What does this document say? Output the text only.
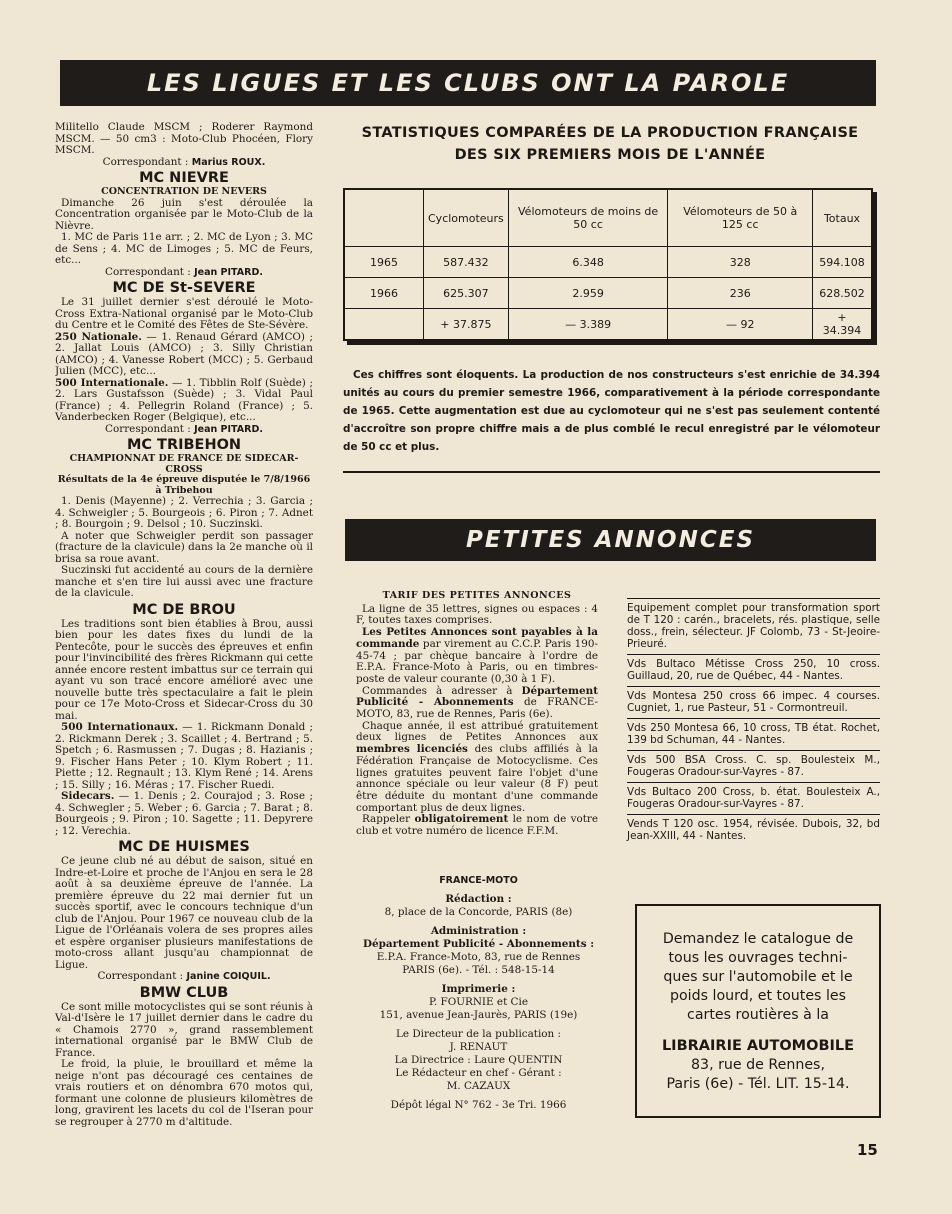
LES LIGUES ET LES CLUBS ONT LA PAROLE

Militello Claude MSCM ; Roderer Raymond MSCM. — 50 cm3 : Moto-Club Phocéen, Flory MSCM.

Correspondant : Marius ROUX.

MC NIEVRE
CONCENTRATION DE NEVERS

Dimanche 26 juin s'est déroulée la Concentration organisée par le Moto-Club de la Nièvre.

1. MC de Paris 11e arr. ; 2. MC de Lyon ; 3. MC de Sens ; 4. MC de Limoges ; 5. MC de Feurs, etc...

Correspondant : Jean PITARD.

MC DE St-SEVERE

Le 31 juillet dernier s'est déroulé le Moto-Cross Extra-National organisé par le Moto-Club du Centre et le Comité des Fêtes de Ste-Sévère.

250 Nationale. — 1. Renaud Gérard (AMCO) ; 2. Jallat Louis (AMCO) ; 3. Silly Christian (AMCO) ; 4. Vanesse Robert (MCC) ; 5. Gerbaud Julien (MCC), etc...

500 Internationale. — 1. Tibblin Rolf (Suède) ; 2. Lars Gustafsson (Suède) ; 3. Vidal Paul (France) ; 4. Pellegrin Roland (France) ; 5. Vanderbecken Roger (Belgique), etc...

Correspondant : Jean PITARD.

MC TRIBEHON
CHAMPIONNAT DE FRANCE DE SIDECAR-CROSS

Résultats de la 4e épreuve disputée le 7/8/1966 à Tribehou

1. Denis (Mayenne) ; 2. Verrechia ; 3. Garcia ; 4. Schweigler ; 5. Bourgeois ; 6. Piron ; 7. Adnet ; 8. Bourgoin ; 9. Delsol ; 10. Suczinski.

A noter que Schweigler perdit son passager (fracture de la clavicule) dans la 2e manche où il brisa sa roue avant.

Suczinski fut accidenté au cours de la dernière manche et s'en tire lui aussi avec une fracture de la clavicule.

MC DE BROU

Les traditions sont bien établies à Brou, aussi bien pour les dates fixes du lundi de la Pentecôte, pour le succès des épreuves et enfin pour l'invincibilité des frères Rickmann qui cette année encore restent imbattus sur ce terrain qui ayant vu son tracé encore amélioré avec une nouvelle butte très spectaculaire a fait le plein pour ce 17e Moto-Cross et Sidecar-Cross du 30 mai.

500 Internationaux. — 1. Rickmann Donald ; 2. Rickmann Derek ; 3. Scaillet ; 4. Bertrand ; 5. Spetch ; 6. Rasmussen ; 7. Dugas ; 8. Hazianis ; 9. Fischer Hans Peter ; 10. Klym Robert ; 11. Piette ; 12. Regnault ; 13. Klym René ; 14. Arens ; 15. Silly ; 16. Méras ; 17. Fischer Ruedi.

Sidecars. — 1. Denis ; 2. Courajod ; 3. Rose ; 4. Schwegler ; 5. Weber ; 6. Garcia ; 7. Barat ; 8. Bourgeois ; 9. Piron ; 10. Sagette ; 11. Depyrere ; 12. Verechia.

MC DE HUISMES

Ce jeune club né au début de saison, situé en Indre-et-Loire et proche de l'Anjou en sera le 28 août à sa deuxième épreuve de l'année. La première épreuve du 22 mai dernier fut un succès sportif, avec le concours technique d'un club de l'Anjou. Pour 1967 ce nouveau club de la Ligue de l'Orléanais volera de ses propres ailes et espère organiser plusieurs manifestations de moto-cross allant jusqu'au championnat de Ligue.

Correspondant : Janine COIQUIL.

BMW CLUB

Ce sont mille motocyclistes qui se sont réunis à Val-d'Isère le 17 juillet dernier dans le cadre du « Chamois 2770 », grand rassemblement international organisé par le BMW Club de France.

Le froid, la pluie, le brouillard et même la neige n'ont pas découragé ces centaines de vrais routiers et on dénombra 670 motos qui, formant une colonne de plusieurs kilomètres de long, gravirent les lacets du col de l'Iseran pour se regrouper à 2770 m d'altitude.

STATISTIQUES COMPARÉES DE LA PRODUCTION FRANÇAISE
DES SIX PREMIERS MOIS DE L'ANNÉE
	Cyclomoteurs	Vélomoteurs de moins de 50 cc	Vélomoteurs de 50 à 125 cc	Totaux
1965	587.432	6.348	328	594.108
1966	625.307	2.959	236	628.502
	+ 37.875	— 3.389	— 92	+ 34.394

Ces chiffres sont éloquents. La production de nos constructeurs s'est enrichie de 34.394 unités au cours du premier semestre 1966, comparativement à la période correspondante de 1965. Cette augmentation est due au cyclomoteur qui ne s'est pas seulement contenté d'accroître son propre chiffre mais a de plus comblé le recul enregistré par le vélomoteur de 50 cc et plus.

PETITES ANNONCES
TARIF DES PETITES ANNONCES

La ligne de 35 lettres, signes ou espaces : 4 F, toutes taxes comprises.

Les Petites Annonces sont payables à la commande par virement au C.C.P. Paris 190-45-74 ; par chèque bancaire à l'ordre de E.P.A. France-Moto à Paris, ou en timbres-poste de valeur courante (0,30 à 1 F).

Commandes à adresser à Département Publicité - Abonnements de FRANCE-MOTO, 83, rue de Rennes, Paris (6e).

Chaque année, il est attribué gratuitement deux lignes de Petites Annonces aux membres licenciés des clubs affiliés à la Fédération Française de Motocyclisme. Ces lignes gratuites peuvent faire l'objet d'une annonce spéciale ou leur valeur (8 F) peut être déduite du montant d'une commande comportant plus de deux lignes.

Rappeler obligatoirement le nom de votre club et votre numéro de licence F.F.M.

FRANCE-MOTO
Rédaction :
8, place de la Concorde, PARIS (8e)
Administration :
Département Publicité - Abonnements :
E.P.A. France-Moto, 83, rue de Rennes
PARIS (6e). - Tél. : 548-15-14
Imprimerie :
P. FOURNIE et Cie
151, avenue Jean-Jaurès, PARIS (19e)
Le Directeur de la publication :
J. RENAUT
La Directrice : Laure QUENTIN
Le Rédacteur en chef - Gérant :
M. CAZAUX
Dépôt légal N° 762 - 3e Tri. 1966
Equipement complet pour transformation sport de T 120 : carén., bracelets, rés. plastique, selle doss., frein, sélecteur. JF Colomb, 73 - St-Jeoire-Prieuré.
Vds Bultaco Métisse Cross 250, 10 cross. Guillaud, 20, rue de Québec, 44 - Nantes.
Vds Montesa 250 cross 66 impec. 4 courses. Cugniet, 1, rue Pasteur, 51 - Cormontreuil.
Vds 250 Montesa 66, 10 cross, TB état. Rochet, 139 bd Schuman, 44 - Nantes.
Vds 500 BSA Cross. C. sp. Boulesteix M., Fougeras Oradour-sur-Vayres - 87.
Vds Bultaco 200 Cross, b. état. Boulesteix A., Fougeras Oradour-sur-Vayres - 87.
Vends T 120 osc. 1954, révisée. Dubois, 32, bd Jean-XXIII, 44 - Nantes.
Demandez le catalogue de
tous les ouvrages techni-
ques sur l'automobile et le
poids lourd, et toutes les
cartes routières à la
LIBRAIRIE AUTOMOBILE
83, rue de Rennes,
Paris (6e) - Tél. LIT. 15-14.
15
